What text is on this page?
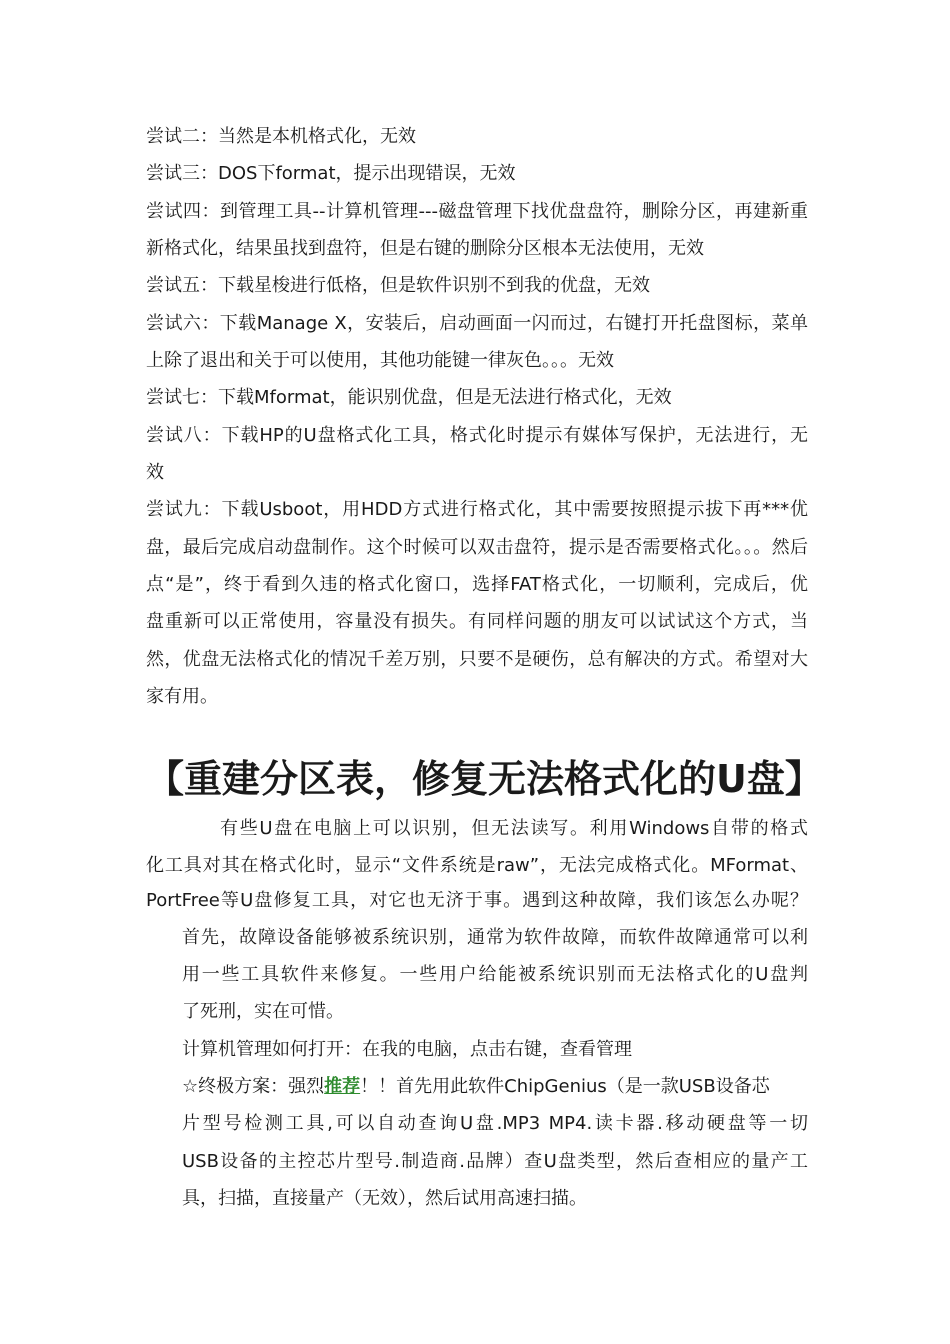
尝试二：当然是本机格式化，无效
尝试三：DOS下format，提示出现错误，无效
尝试四：到管理工具--计算机管理---磁盘管理下找优盘盘符，删除分区，再建新重
新格式化，结果虽找到盘符，但是右键的删除分区根本无法使用，无效
尝试五：下载星梭进行低格，但是软件识别不到我的优盘，无效
尝试六：下载Manage X，安装后，启动画面一闪而过，右键打开托盘图标，菜单
上除了退出和关于可以使用，其他功能键一律灰色。。。无效
尝试七：下载Mformat，能识别优盘，但是无法进行格式化，无效
尝试八：下载HP的U盘格式化工具，格式化时提示有媒体写保护，无法进行，无
效
尝试九：下载Usboot，用HDD方式进行格式化，其中需要按照提示拔下再***优
盘，最后完成启动盘制作。这个时候可以双击盘符，提示是否需要格式化。。。然后
点“是”，终于看到久违的格式化窗口，选择FAT格式化，一切顺利，完成后，优
盘重新可以正常使用，容量没有损失。有同样问题的朋友可以试试这个方式，当
然，优盘无法格式化的情况千差万别，只要不是硬伤，总有解决的方式。希望对大
家有用。
【重建分区表，修复无法格式化的U盘】
有些U盘在电脑上可以识别，但无法读写。利用Windows自带的格式
化工具对其在格式化时，显示“文件系统是raw”，无法完成格式化。MFormat、
PortFree等U盘修复工具，对它也无济于事。遇到这种故障，我们该怎么办呢？
首先，故障设备能够被系统识别，通常为软件故障，而软件故障通常可以利
用一些工具软件来修复。一些用户给能被系统识别而无法格式化的U盘判
了死刑，实在可惜。
计算机管理如何打开：在我的电脑，点击右键，查看管理
☆终极方案：强烈推荐！！首先用此软件ChipGenius（是一款USB设备芯
片型号检测工具,可以自动查询U盘.MP3 MP4.读卡器.移动硬盘等一切
USB设备的主控芯片型号.制造商.品牌）查U盘类型，然后查相应的量产工
具，扫描，直接量产（无效），然后试用高速扫描。
